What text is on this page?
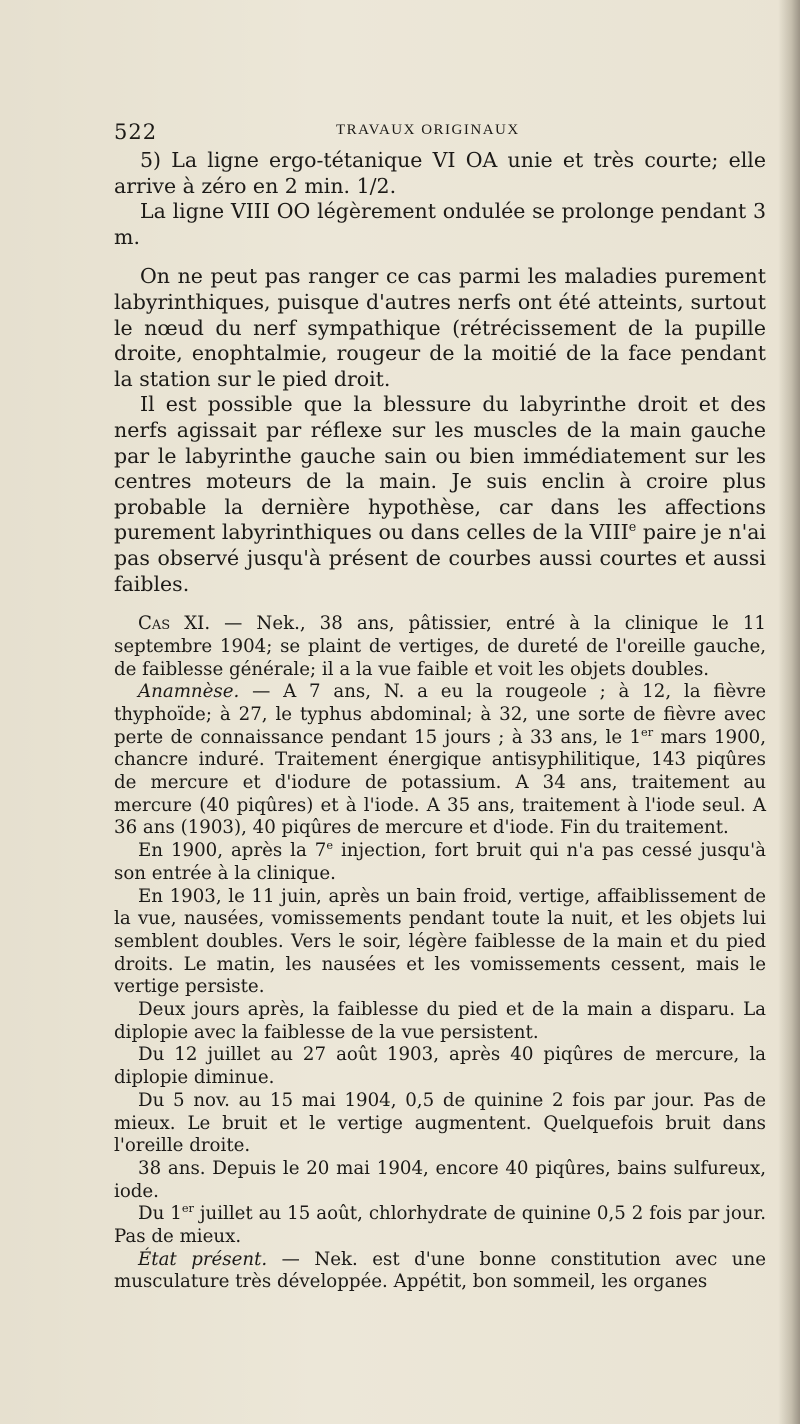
522	TRAVAUX ORIGINAUX

5) La ligne ergo-tétanique VI OA unie et très courte; elle arrive à zéro en 2 min. 1/2.

La ligne VIII OO légèrement ondulée se prolonge pendant 3 m.

On ne peut pas ranger ce cas parmi les maladies purement labyrinthiques, puisque d'autres nerfs ont été atteints, surtout le nœud du nerf sympathique (rétrécissement de la pupille droite, enophtalmie, rougeur de la moitié de la face pendant la station sur le pied droit.

Il est possible que la blessure du labyrinthe droit et des nerfs agissait par réflexe sur les muscles de la main gauche par le labyrinthe gauche sain ou bien immédiatement sur les centres moteurs de la main. Je suis enclin à croire plus probable la dernière hypothèse, car dans les affections purement labyrinthiques ou dans celles de la VIIIe paire je n'ai pas observé jusqu'à présent de courbes aussi courtes et aussi faibles.

Cas XI. — Nek., 38 ans, pâtissier, entré à la clinique le 11 septembre 1904; se plaint de vertiges, de dureté de l'oreille gauche, de faiblesse générale; il a la vue faible et voit les objets doubles.

Anamnèse. — A 7 ans, N. a eu la rougeole ; à 12, la fièvre thyphoïde; à 27, le typhus abdominal; à 32, une sorte de fièvre avec perte de connaissance pendant 15 jours ; à 33 ans, le 1er mars 1900, chancre induré. Traitement énergique antisyphilitique, 143 piqûres de mercure et d'iodure de potassium. A 34 ans, traitement au mercure (40 piqûres) et à l'iode. A 35 ans, traitement à l'iode seul. A 36 ans (1903), 40 piqûres de mercure et d'iode. Fin du traitement.

En 1900, après la 7e injection, fort bruit qui n'a pas cessé jusqu'à son entrée à la clinique.

En 1903, le 11 juin, après un bain froid, vertige, affaiblissement de la vue, nausées, vomissements pendant toute la nuit, et les objets lui semblent doubles. Vers le soir, légère faiblesse de la main et du pied droits. Le matin, les nausées et les vomissements cessent, mais le vertige persiste.

Deux jours après, la faiblesse du pied et de la main a disparu. La diplopie avec la faiblesse de la vue persistent.

Du 12 juillet au 27 août 1903, après 40 piqûres de mercure, la diplopie diminue.

Du 5 nov. au 15 mai 1904, 0,5 de quinine 2 fois par jour. Pas de mieux. Le bruit et le vertige augmentent. Quelquefois bruit dans l'oreille droite.

38 ans. Depuis le 20 mai 1904, encore 40 piqûres, bains sulfureux, iode.

Du 1er juillet au 15 août, chlorhydrate de quinine 0,5 2 fois par jour. Pas de mieux.

État présent. — Nek. est d'une bonne constitution avec une musculature très développée. Appétit, bon sommeil, les organes
